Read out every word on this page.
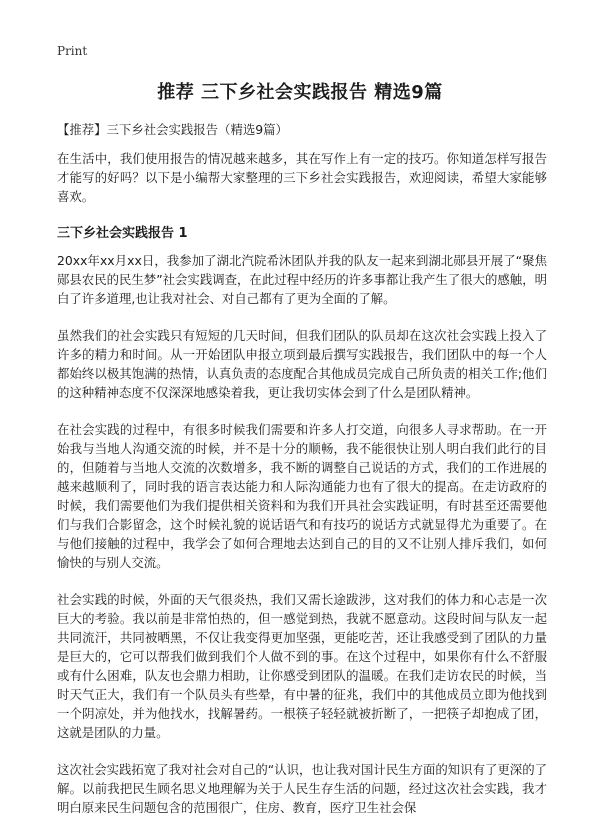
Print
推荐 三下乡社会实践报告 精选9篇

【推荐】三下乡社会实践报告（精选9篇）

在生活中，我们使用报告的情况越来越多，其在写作上有一定的技巧。你知道怎样写报告才能写的好吗？以下是小编帮大家整理的三下乡社会实践报告，欢迎阅读，希望大家能够喜欢。

三下乡社会实践报告 1

20xx年xx月xx日，我参加了湖北汽院希沐团队并我的队友一起来到湖北郧县开展了“聚焦郧县农民的民生梦”社会实践调查，在此过程中经历的许多事都让我产生了很大的感触，明白了许多道理,也让我对社会、对自己都有了更为全面的了解。

虽然我们的社会实践只有短短的几天时间，但我们团队的队员却在这次社会实践上投入了许多的精力和时间。从一开始团队申报立项到最后撰写实践报告，我们团队中的每一个人都始终以极其饱满的热情，认真负责的态度配合其他成员完成自己所负责的相关工作;他们的这种精神态度不仅深深地感染着我，更让我切实体会到了什么是团队精神。

在社会实践的过程中，有很多时候我们需要和许多人打交道，向很多人寻求帮助。在一开始我与当地人沟通交流的时候，并不是十分的顺畅，我不能很快让别人明白我们此行的目的，但随着与当地人交流的次数增多，我不断的调整自己说话的方式，我们的工作进展的越来越顺利了，同时我的语言表达能力和人际沟通能力也有了很大的提高。在走访政府的时候，我们需要他们为我们提供相关资料和为我们开具社会实践证明，有时甚至还需要他们与我们合影留念，这个时候礼貌的说话语气和有技巧的说话方式就显得尤为重要了。在与他们接触的过程中，我学会了如何合理地去达到自己的目的又不让别人排斥我们，如何愉快的与别人交流。

社会实践的时候，外面的天气很炎热，我们又需长途跋涉，这对我们的体力和心志是一次巨大的考验。我以前是非常怕热的，但一感觉到热，我就不愿意动。这段时间与队友一起共同流汗，共同被晒黑，不仅让我变得更加坚强，更能吃苦，还让我感受到了团队的力量是巨大的，它可以帮我们做到我们个人做不到的事。在这个过程中，如果你有什么不舒服或有什么困难，队友也会鼎力相助，让你感受到团队的温暖。在我们走访农民的时候，当时天气正大，我们有一个队员头有些晕，有中暑的征兆，我们中的其他成员立即为他找到一个阴凉处，并为他找水，找解暑药。一根筷子轻轻就被折断了，一把筷子却抱成了团，这就是团队的力量。

这次社会实践拓宽了我对社会对自己的“认识，也让我对国计民生方面的知识有了更深的了解。以前我把民生顾名思义地理解为关于人民生存生活的问题，经过这次社会实践，我才明白原来民生问题包含的范围很广，住房、教育，医疗卫生社会保
